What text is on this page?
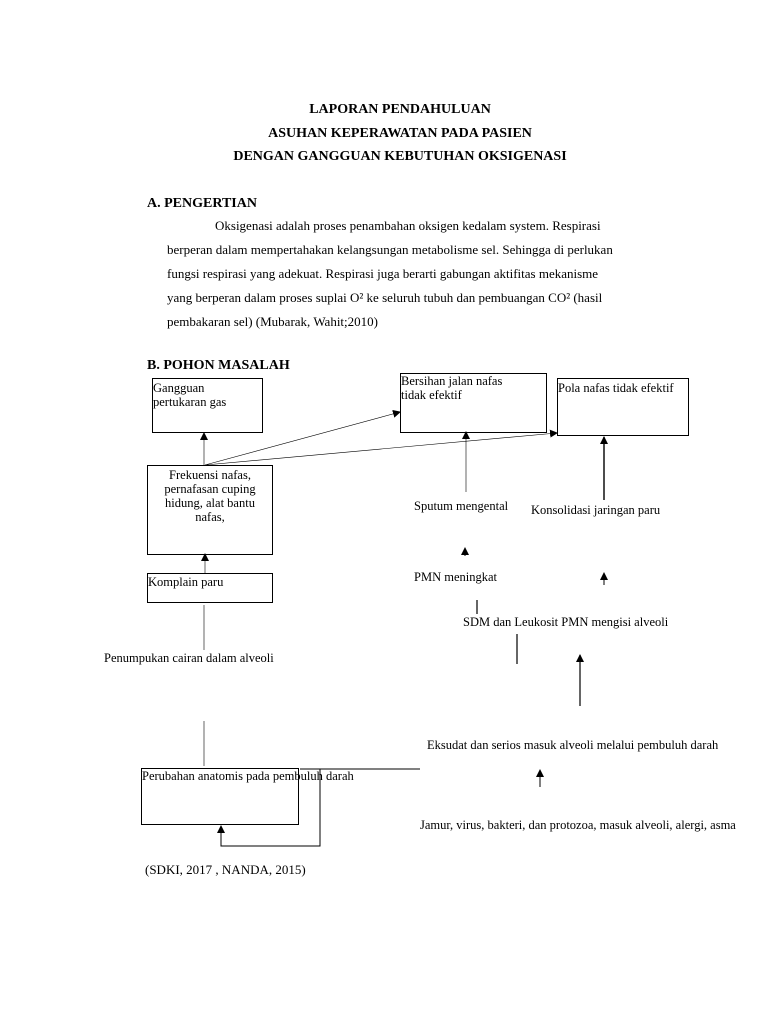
LAPORAN PENDAHULUAN
ASUHAN KEPERAWATAN PADA PASIEN
DENGAN GANGGUAN KEBUTUHAN OKSIGENASI
A. PENGERTIAN
Oksigenasi adalah proses penambahan oksigen kedalam system. Respirasi
berperan dalam mempertahakan kelangsungan metabolisme sel. Sehingga di perlukan
fungsi respirasi yang adekuat. Respirasi juga berarti gabungan aktifitas mekanisme
yang berperan dalam proses suplai O² ke seluruh tubuh dan pembuangan CO² (hasil
pembakaran sel) (Mubarak, Wahit;2010)
B. POHON MASALAH
Gangguan
pertukaran gas
Bersihan jalan nafas
tidak efektif	Pola nafas tidak efektif
Frekuensi nafas,
pernafasan cuping
hidung, alat bantu
nafas,
Komplain paru
Perubahan anatomis pada pembuluh darah
Sputum mengental Konsolidasi jaringan paru
PMN meningkat
SDM dan Leukosit PMN mengisi alveoli
Penumpukan cairan dalam alveoli
Eksudat dan serios masuk alveoli melalui pembuluh darah
Jamur, virus, bakteri, dan protozoa, masuk alveoli, alergi, asma
(SDKI, 2017 , NANDA, 2015)
